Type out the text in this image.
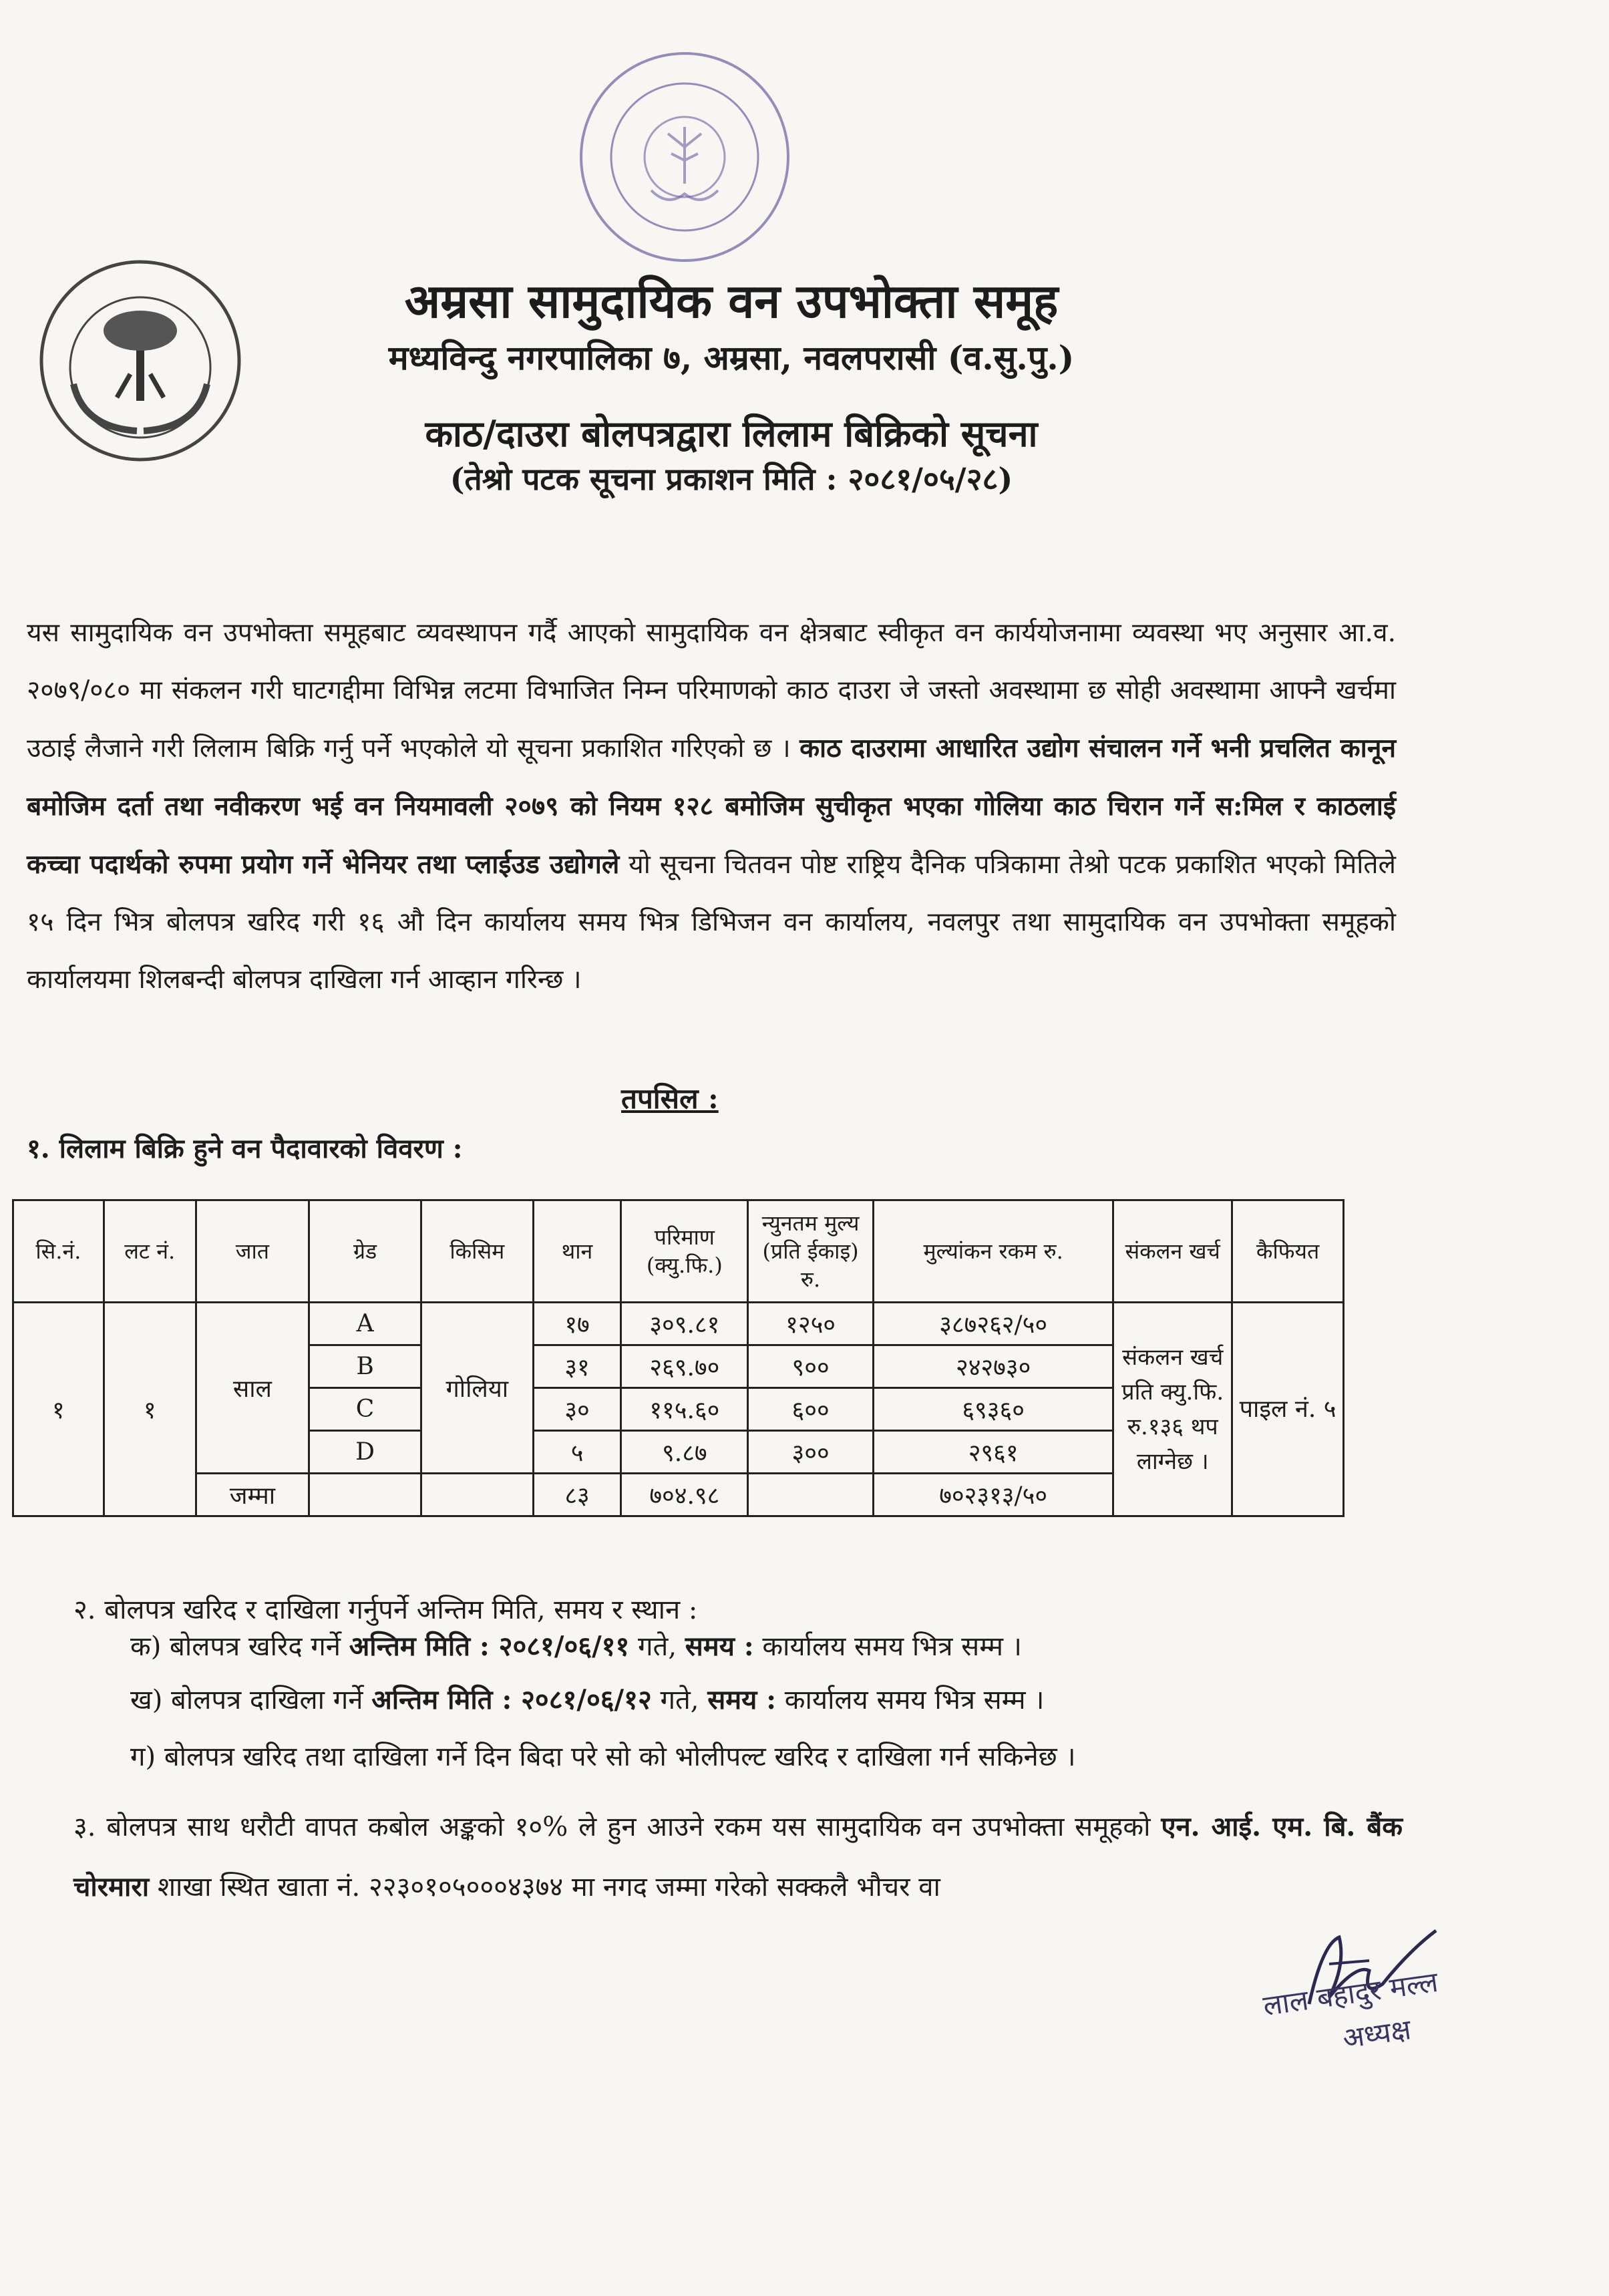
अम्रसा सामुदायिक वन उपभोक्ता समूह
मध्यविन्दु नगरपालिका ७, अम्रसा, नवलपरासी (व.सु.पु.)
काठ/दाउरा बोलपत्रद्वारा लिलाम बिक्रिको सूचना
(तेश्रो पटक सूचना प्रकाशन मिति : २०८१/०५/२८)
यस सामुदायिक वन उपभोक्ता समूहबाट व्यवस्थापन गर्दै आएको सामुदायिक वन क्षेत्रबाट स्वीकृत वन कार्ययोजनामा व्यवस्था भए अनुसार आ.व. २०७९/०८० मा संकलन गरी घाटगद्दीमा विभिन्न लटमा विभाजित निम्न परिमाणको काठ दाउरा जे जस्तो अवस्थामा छ सोही अवस्थामा आफ्नै खर्चमा उठाई लैजाने गरी लिलाम बिक्रि गर्नु पर्ने भएकोले यो सूचना प्रकाशित गरिएको छ । काठ दाउरामा आधारित उद्योग संचालन गर्ने भनी प्रचलित कानून बमोजिम दर्ता तथा नवीकरण भई वन नियमावली २०७९ को नियम १२८ बमोजिम सुचीकृत भएका गोलिया काठ चिरान गर्ने स:मिल र काठलाई कच्चा पदार्थको रुपमा प्रयोग गर्ने भेनियर तथा प्लाईउड उद्योगले यो सूचना चितवन पोष्ट राष्ट्रिय दैनिक पत्रिकामा तेश्रो पटक प्रकाशित भएको मितिले १५ दिन भित्र बोलपत्र खरिद गरी १६ औ दिन कार्यालय समय भित्र डिभिजन वन कार्यालय, नवलपुर तथा सामुदायिक वन उपभोक्ता समूहको कार्यालयमा शिलबन्दी बोलपत्र दाखिला गर्न आव्हान गरिन्छ ।
तपसिल :
१. लिलाम बिक्रि हुने वन पैदावारको विवरण :
सि.नं.	लट नं.	जात	ग्रेड	किसिम	थान	परिमाण (क्यु.फि.)	न्युनतम मुल्य (प्रति ईकाइ) रु.	मुल्यांकन रकम रु.	संकलन खर्च	कैफियत
१	१	साल	A	गोलिया	१७	३०९.८१	१२५०	३८७२६२/५०	संकलन खर्च प्रति क्यु.फि. रु.१३६ थप लाग्नेछ ।	पाइल नं. ५
			B		३१	२६९.७०	९००	२४२७३०		
			C		३०	११५.६०	६००	६९३६०		
			D		५	९.८७	३००	२९६१		
		जम्मा			८३	७०४.९८		७०२३१३/५०		
२. बोलपत्र खरिद र दाखिला गर्नुपर्ने अन्तिम मिति, समय र स्थान :
क) बोलपत्र खरिद गर्ने अन्तिम मिति : २०८१/०६/११ गते, समय : कार्यालय समय भित्र सम्म ।
ख) बोलपत्र दाखिला गर्ने अन्तिम मिति : २०८१/०६/१२ गते, समय : कार्यालय समय भित्र सम्म ।
ग) बोलपत्र खरिद तथा दाखिला गर्ने दिन बिदा परे सो को भोलीपल्ट खरिद र दाखिला गर्न सकिनेछ ।
३. बोलपत्र साथ धरौटी वापत कबोल अङ्कको १०% ले हुन आउने रकम यस सामुदायिक वन उपभोक्ता समूहको एन. आई. एम. बि. बैंक चोरमारा शाखा स्थित खाता नं. २२३०१०५०००४३७४ मा नगद जम्मा गरेको सक्कलै भौचर वा
लाल बहादुर मल्ल
अध्यक्ष
